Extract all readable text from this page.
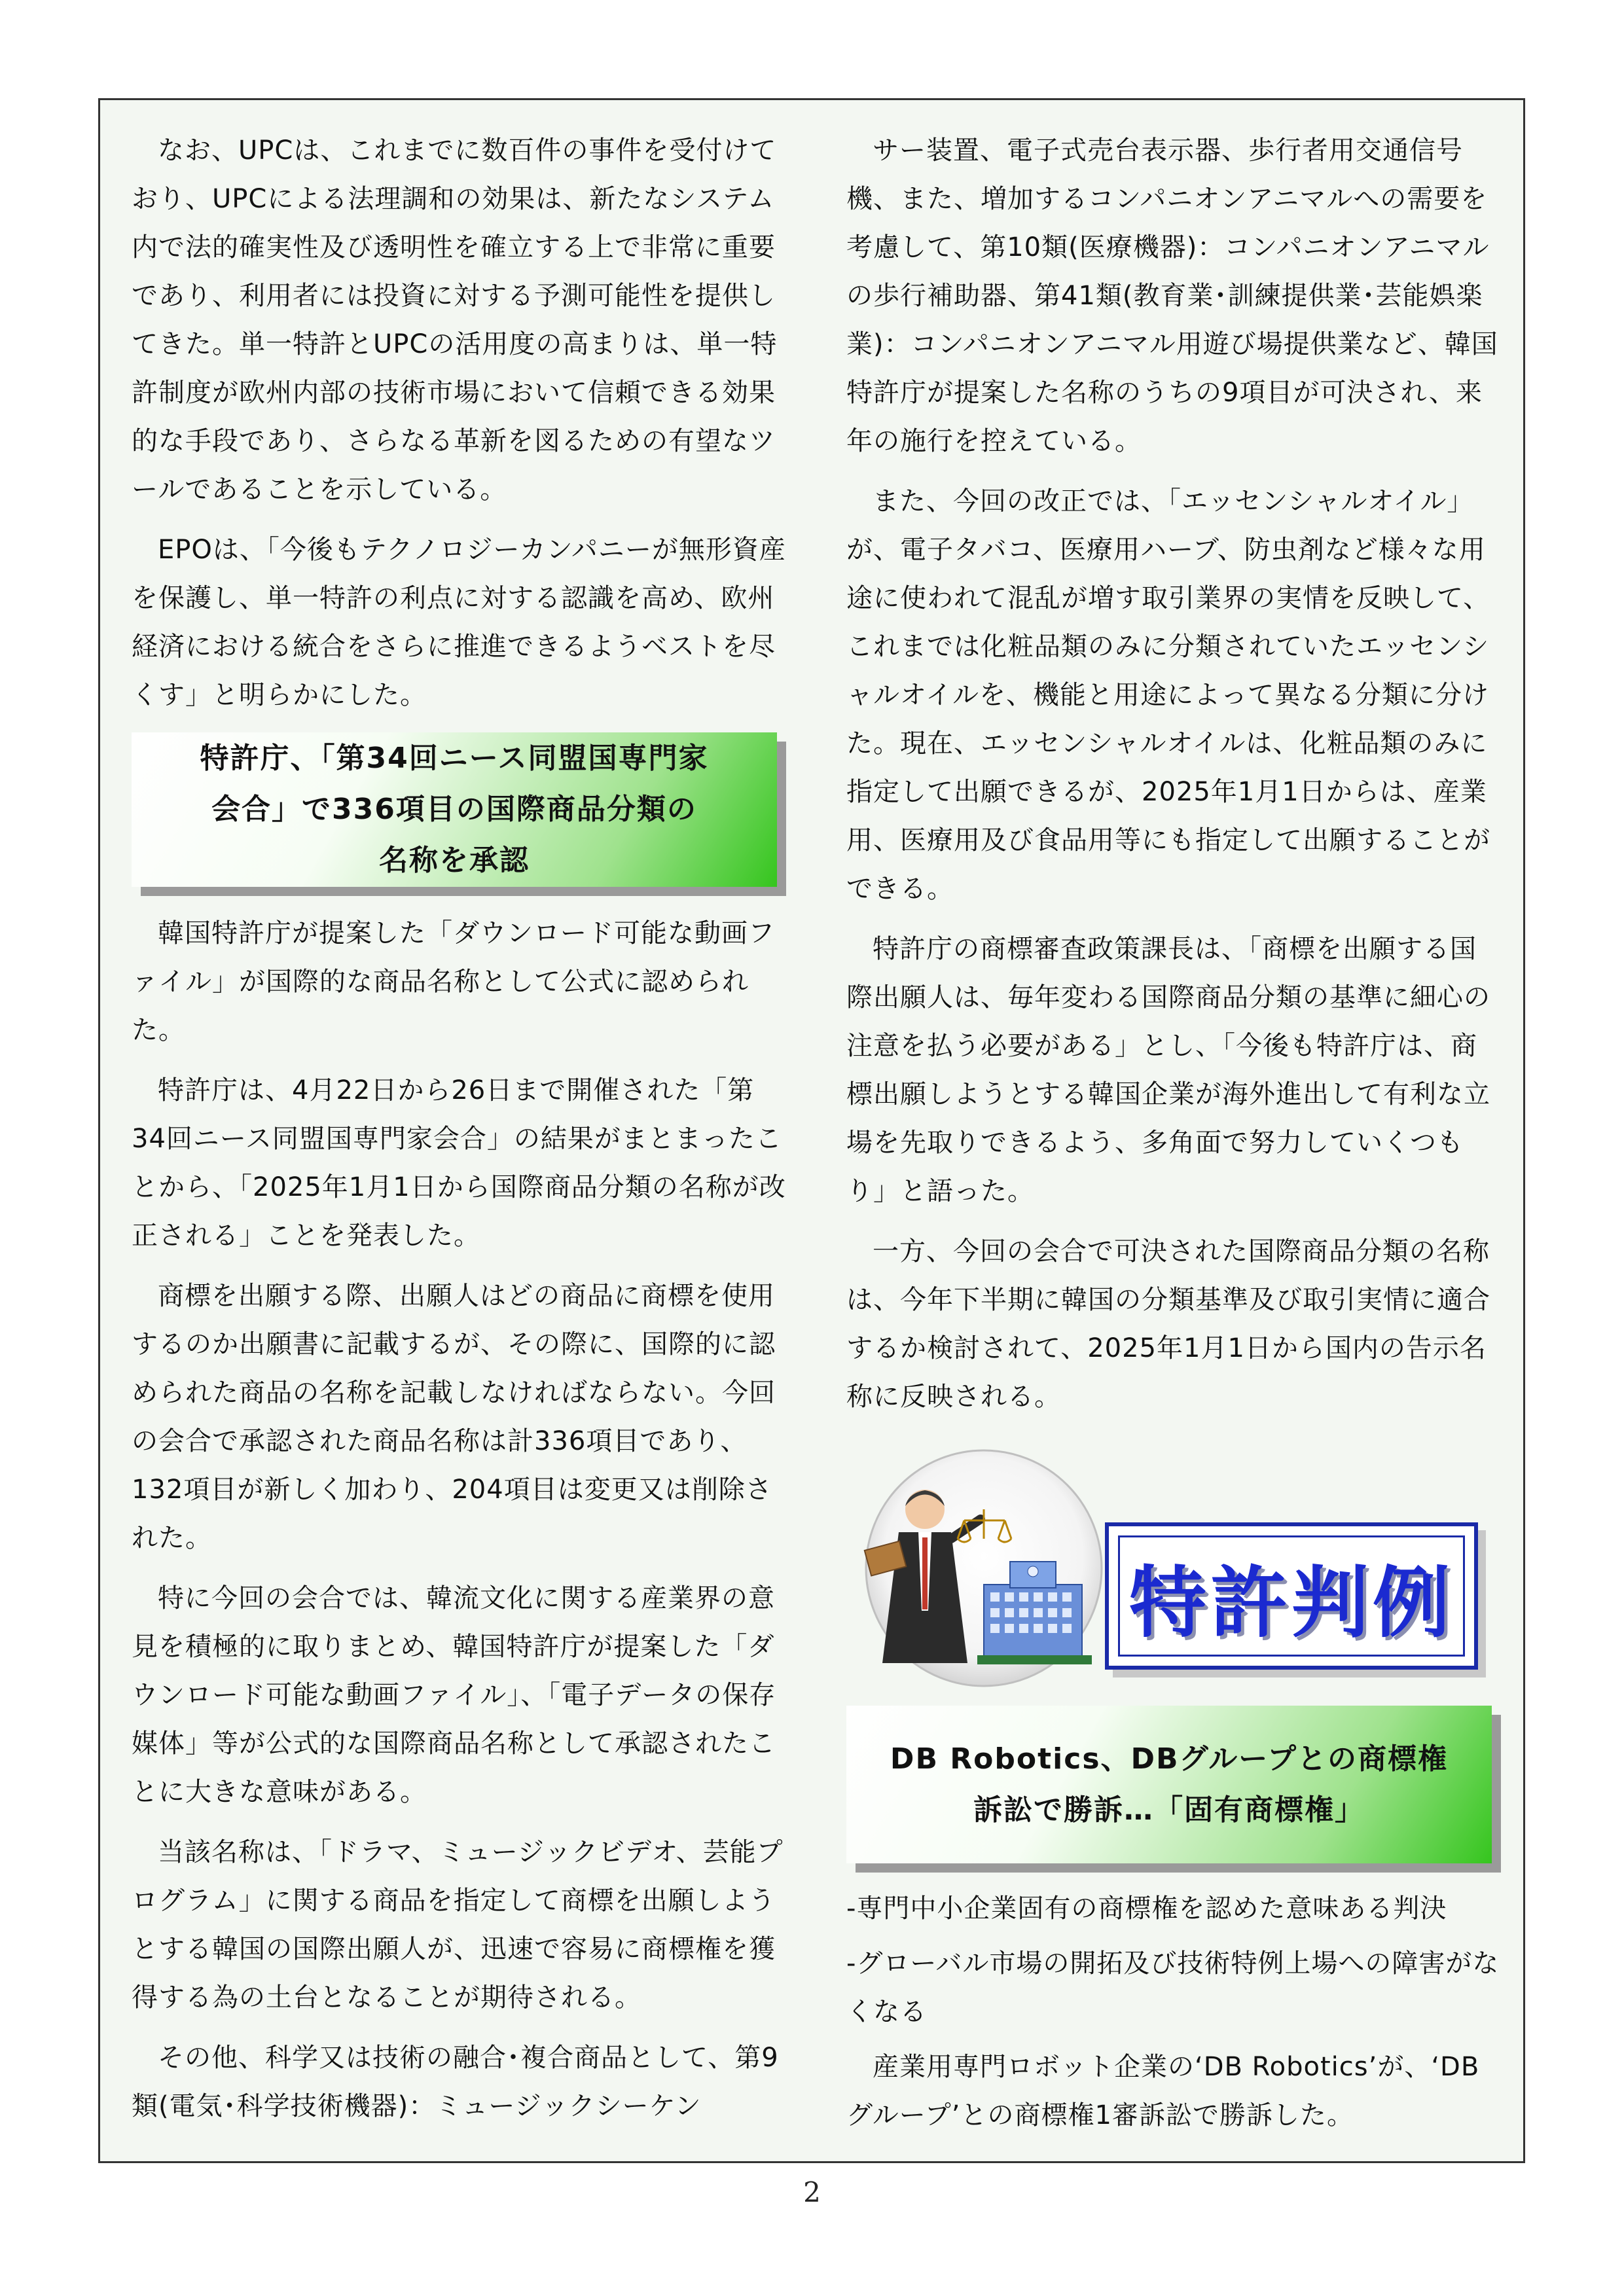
なお、UPCは、これまでに数百件の事件を受付けており、UPCによる法理調和の効果は、新たなシステム内で法的確実性及び透明性を確立する上で非常に重要であり、利用者には投資に対する予測可能性を提供してきた。単一特許とUPCの活用度の高まりは、単一特許制度が欧州内部の技術市場において信頼できる効果的な手段であり、さらなる革新を図るための有望なツールであることを示している。

EPOは、「今後もテクノロジーカンパニーが無形資産を保護し、単一特許の利点に対する認識を高め、欧州経済における統合をさらに推進できるようベストを尽くす」と明らかにした。

特許庁、「第34回ニース同盟国専門家
会合」で336項目の国際商品分類の
名称を承認

韓国特許庁が提案した「ダウンロード可能な動画ファイル」が国際的な商品名称として公式に認められた。

特許庁は、4月22日から26日まで開催された「第34回ニース同盟国専門家会合」の結果がまとまったことから、「2025年1月1日から国際商品分類の名称が改正される」ことを発表した。

商標を出願する際、出願人はどの商品に商標を使用するのか出願書に記載するが、その際に、国際的に認められた商品の名称を記載しなければならない。今回の会合で承認された商品名称は計336項目であり、132項目が新しく加わり、204項目は変更又は削除された。

特に今回の会合では、韓流文化に関する産業界の意見を積極的に取りまとめ、韓国特許庁が提案した「ダウンロード可能な動画ファイル」、「電子データの保存媒体」等が公式的な国際商品名称として承認されたことに大きな意味がある。

当該名称は、「ドラマ、ミュージックビデオ、芸能プログラム」に関する商品を指定して商標を出願しようとする韓国の国際出願人が、迅速で容易に商標権を獲得する為の土台となることが期待される。

その他、科学又は技術の融合･複合商品として、第9類(電気･科学技術機器)：ミュージックシーケン

サー装置、電子式売台表示器、歩行者用交通信号機、また、増加するコンパニオンアニマルへの需要を考慮して、第10類(医療機器)：コンパニオンアニマルの歩行補助器、第41類(教育業･訓練提供業･芸能娯楽業)：コンパニオンアニマル用遊び場提供業など、韓国特許庁が提案した名称のうちの9項目が可決され、来年の施行を控えている。

また、今回の改正では、「エッセンシャルオイル」が、電子タバコ、医療用ハーブ、防虫剤など様々な用途に使われて混乱が増す取引業界の実情を反映して、これまでは化粧品類のみに分類されていたエッセンシャルオイルを、機能と用途によって異なる分類に分けた。現在、エッセンシャルオイルは、化粧品類のみに指定して出願できるが、2025年1月1日からは、産業用、医療用及び食品用等にも指定して出願することができる。

特許庁の商標審査政策課長は、「商標を出願する国際出願人は、毎年変わる国際商品分類の基準に細心の注意を払う必要がある」とし、「今後も特許庁は、商標出願しようとする韓国企業が海外進出して有利な立場を先取りできるよう、多角面で努力していくつもり」と語った。

一方、今回の会合で可決された国際商品分類の名称は、今年下半期に韓国の分類基準及び取引実情に適合するか検討されて、2025年1月1日から国内の告示名称に反映される。

特許判例
DB Robotics、DBグループとの商標権
訴訟で勝訴…「固有商標権」

-専門中小企業固有の商標権を認めた意味ある判決

-グローバル市場の開拓及び技術特例上場への障害がなくなる

産業用専門ロボット企業の‘DB Robotics’が、‘DBグループ’との商標権1審訴訟で勝訴した。

2
